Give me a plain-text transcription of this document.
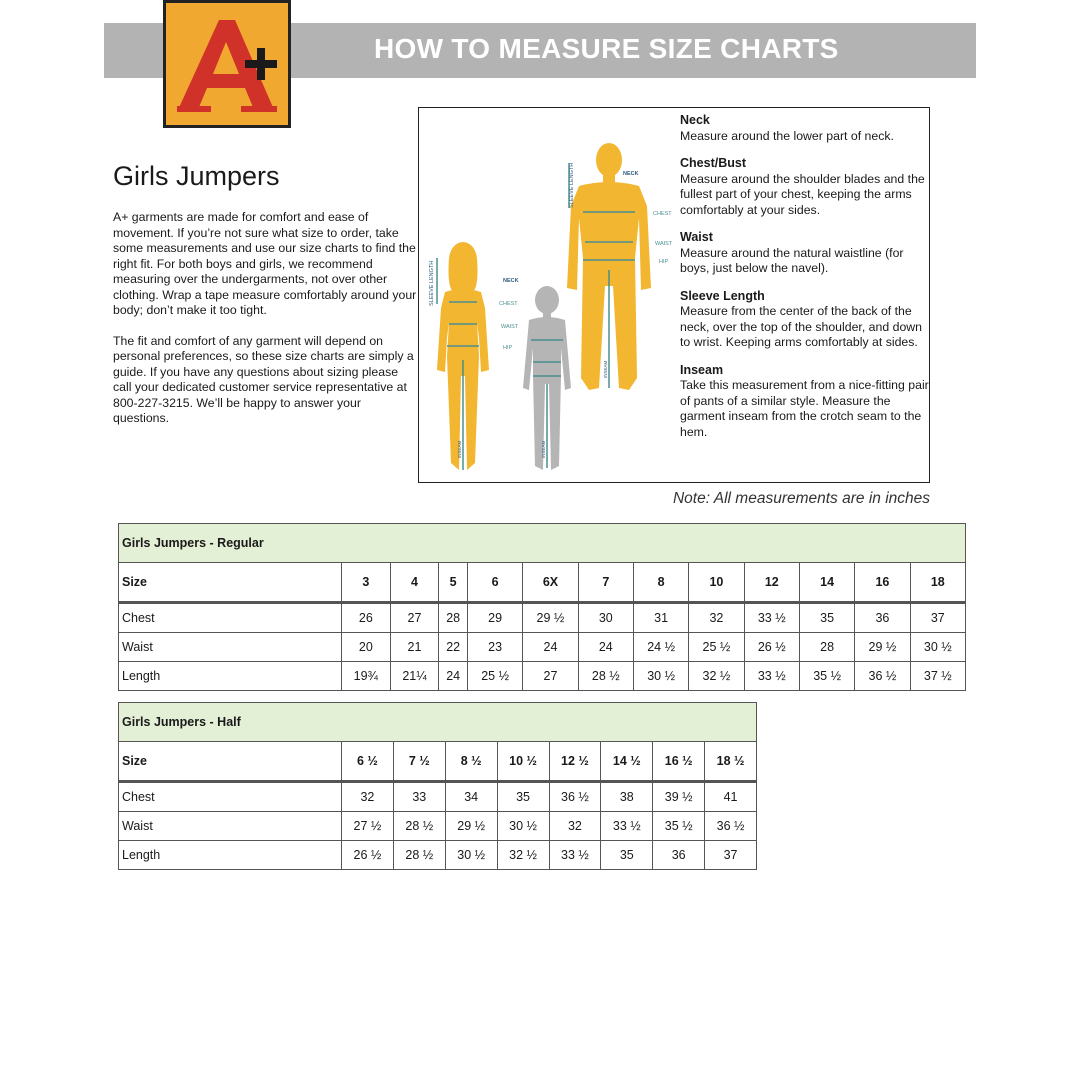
HOW TO MEASURE SIZE CHARTS
Girls Jumpers

A+ garments are made for comfort and ease of movement. If you’re not sure what size to order, take some measurements and use our size charts to find the right fit. For both boys and girls, we recommend measuring over the undergarments, not over other clothing. Wrap a tape measure comfortably around your body; don’t make it too tight.

The fit and comfort of any garment will depend on personal preferences, so these size charts are simply a guide. If you have any questions about sizing please call your dedicated customer service representative at 800-227-3215. We’ll be happy to answer your questions.

NECK
CHEST
WAIST
HIP
NECK
CHEST
WAIST
HIP
SLEEVE LENGTH
SLEEVE LENGTH
INSEAM
INSEAM	INSEAM
Neck
Measure around the lower part of neck.
Chest/Bust
Measure around the shoulder blades and the fullest part of your chest, keeping the arms comfortably at your sides.
Waist
Measure around the natural waistline (for boys, just below the navel).
Sleeve Length
Measure from the center of the back of the neck, over the top of the shoulder, and down to wrist. Keeping arms comfortably at sides.
Inseam
Take this measurement from a nice-fitting pair of pants of a similar style. Measure the garment inseam from the crotch seam to the hem.
Note: All measurements are in inches
Girls Jumpers - Regular												
Size	3	4	5	6	6X	7	8	10	12	14	16	18
Chest	26	27	28	29	29 ½	30	31	32	33 ½	35	36	37
Waist	20	21	22	23	24	24	24 ½	25 ½	26 ½	28	29 ½	30 ½
Length	19¾	21¼	24	25 ½	27	28 ½	30 ½	32 ½	33 ½	35 ½	36 ½	37 ½
Girls Jumpers - Half								
Size	6 ½	7 ½	8 ½	10 ½	12 ½	14 ½	16 ½	18 ½
Chest	32	33	34	35	36 ½	38	39 ½	41
Waist	27 ½	28 ½	29 ½	30 ½	32	33 ½	35 ½	36 ½
Length	26 ½	28 ½	30 ½	32 ½	33 ½	35	36	37
